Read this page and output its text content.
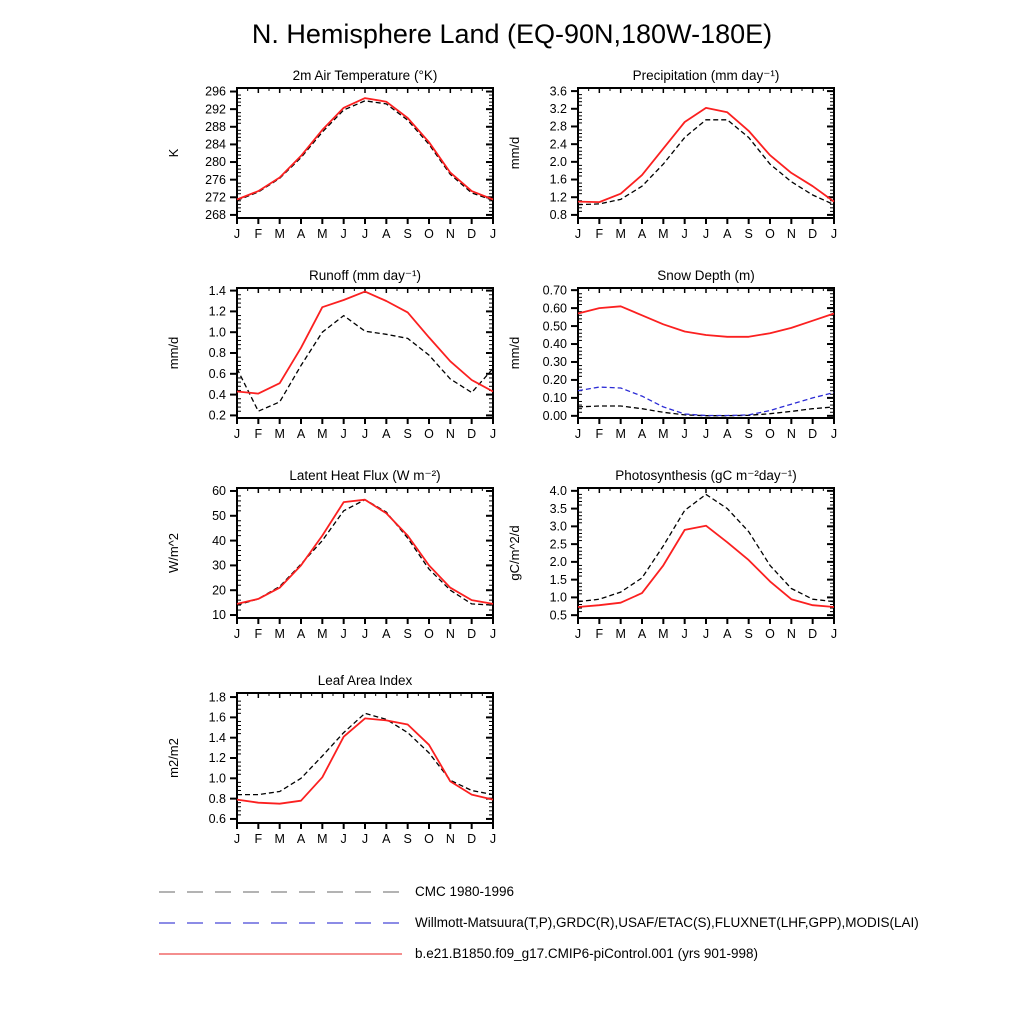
N. Hemisphere Land (EQ-90N,180W-180E)
2m Air Temperature (°K)
K
268
272
276
280
284
288
292
296
J F M A M J J A S O N D J
Precipitation (mm day⁻¹)
mm/d
0.8
1.2
1.6
2.0
2.4
2.8
3.2
3.6
J F M A M J J A S O N D J
Runoff (mm day⁻¹)
mm/d
0.2
0.4
0.6
0.8
1.0
1.2
1.4
J F M A M J J A S O N D J
Snow Depth (m)
mm/d
0.00
0.10
0.20
0.30
0.40
0.50
0.60
0.70
J F M A M J J A S O N D J
Latent Heat Flux (W m⁻²)
W/m^2
10
20
30
40
50
60
J F M A M J J A S O N D J
Photosynthesis (gC m⁻²day⁻¹)
gC/m^2/d
0.5
1.0
1.5
2.0
2.5
3.0
3.5
4.0
J F M A M J J A S O N D J
Leaf Area Index
m2/m2
0.6
0.8
1.0
1.2
1.4
1.6
1.8
J F M A M J J A S O N D J
CMC 1980-1996
Willmott-Matsuura(T,P),GRDC(R),USAF/ETAC(S),FLUXNET(LHF,GPP),MODIS(LAI)
b.e21.B1850.f09_g17.CMIP6-piControl.001 (yrs 901-998)
